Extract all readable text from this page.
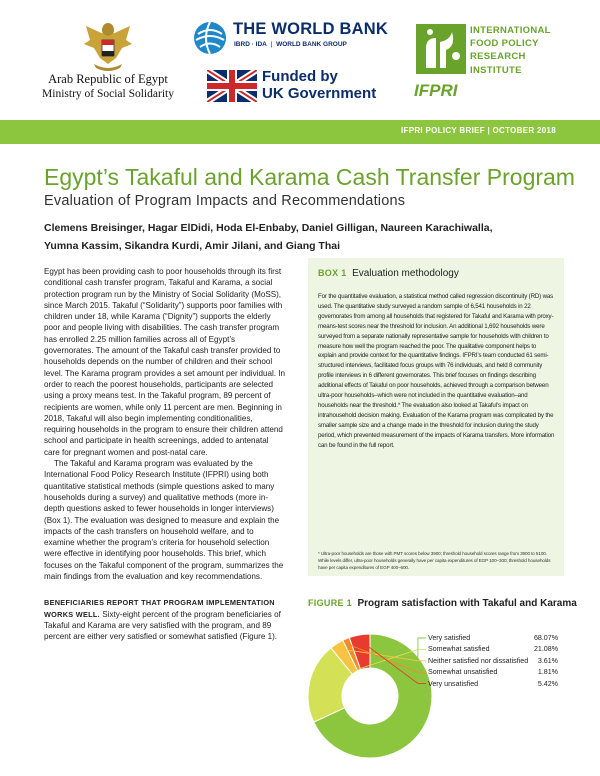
Arab Republic of Egypt
Ministry of Social Solidarity
THE WORLD BANK
IBRD · IDA | WORLD BANK GROUP
Funded by
UK Government
INTERNATIONAL
FOOD POLICY
RESEARCH
INSTITUTE
IFPRI
IFPRI POLICY BRIEF | OCTOBER 2018
Egypt’s Takaful and Karama Cash Transfer Program
Evaluation of Program Impacts and Recommendations
Clemens Breisinger, Hagar ElDidi, Hoda El-Enbaby, Daniel Gilligan, Naureen Karachiwalla,
Yumna Kassim, Sikandra Kurdi, Amir Jilani, and Giang Thai

Egypt has been providing cash to poor households through its first conditional cash transfer program, Takaful and Karama, a social protection program run by the Ministry of Social Solidarity (MoSS), since March 2015. Takaful (“Solidarity”) supports poor families with children under 18, while Karama (“Dignity”) supports the elderly poor and people living with disabilities. The cash transfer program has enrolled 2.25 million families across all of Egypt’s governorates. The amount of the Takaful cash transfer provided to households depends on the number of children and their school level. The Karama program provides a set amount per individual. In order to reach the poorest households, participants are selected using a proxy means test. In the Takaful program, 89 percent of recipients are women, while only 11 percent are men. Beginning in 2018, Takaful will also begin implementing conditionalities, requiring households in the program to ensure their children attend school and participate in health screenings, added to antenatal care for pregnant women and post-natal care.

The Takaful and Karama program was evaluated by the International Food Policy Research Institute (IFPRI) using both quantitative statistical methods (simple questions asked to many households during a survey) and qualitative methods (more in-depth questions asked to fewer households in longer interviews) (Box 1). The evaluation was designed to measure and explain the impacts of the cash transfers on household welfare, and to examine whether the program’s criteria for household selection were effective in identifying poor households. This brief, which focuses on the Takaful component of the program, summarizes the main findings from the evaluation and key recommendations.

BENEFICIARIES REPORT THAT PROGRAM IMPLEMENTATION WORKS WELL. Sixty-eight percent of the program beneficiaries of Takaful and Karama are very satisfied with the program, and 89 percent are either very satisfied or somewhat satisfied (Figure 1).

BOX 1 Evaluation methodology
For the quantitative evaluation, a statistical method called regression discontinuity (RD) was used. The quantitative study surveyed a random sample of 6,541 households in 22 governorates from among all households that registered for Takaful and Karama with proxy-means-test scores near the threshold for inclusion. An additional 1,692 households were surveyed from a separate nationally representative sample for households with children to measure how well the program reached the poor. The qualitative component helps to explain and provide context for the quantitative findings. IFPRI’s team conducted 61 semi-structured interviews, facilitated focus groups with 76 individuals, and held 8 community profile interviews in 6 different governorates. This brief focuses on findings describing additional effects of Takaful on poor households, achieved through a comparison between ultra-poor households–which were not included in the quantitative evaluation–and households near the threshold.* The evaluation also looked at Takaful’s impact on intrahousehold decision making. Evaluation of the Karama program was complicated by the smaller sample size and a change made in the threshold for inclusion during the study period, which prevented measurement of the impacts of Karama transfers. More information can be found in the full report.
* Ultra-poor households are those with PMT scores below 3900; threshold household scores range from 3900 to 5100. While levels differ, ultra-poor households generally have per capita expenditures of EGP 100–300; threshold households have per capita expenditures of EGP 400–600.
FIGURE 1 Program satisfaction with Takaful and Karama
Very satisfied	68.07%
Somewhat satisfied	21.08%
Neither satisfied nor dissatisfied 3.61%
Somewhat unsatisfied	1.81%
Very unsatisfied	5.42%
